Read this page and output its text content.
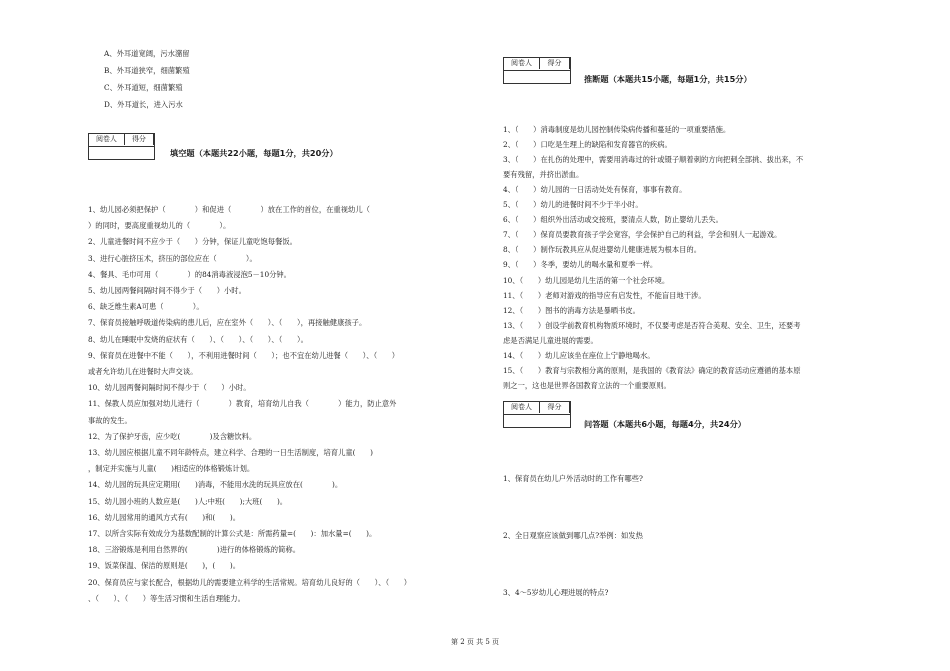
A、外耳道宽阔，污水潴留
B、外耳道狭窄，细菌繁殖
C、外耳道短，细菌繁殖
D、外耳道长，进入污水
阅卷人	得分
填空题（本题共22小题，每题1分，共20分）
1、幼儿园必须把保护（　　　　）和促进（　　　　）放在工作的首位，在重视幼儿（
）的同时，要高度重视幼儿的（　　　　）。
2、儿童进餐时间不应少于（　　）分钟，保证儿童吃饱每餐饭。
3、进行心脏挤压术，挤压的部位应在（　　　　）。
4、餐具、毛巾可用（　　　　）的84消毒液浸泡5－10分钟。
5、幼儿园两餐间隔时间不得少于（　　）小时。
6、缺乏维生素A可患（　　　　）。
7、保育员接触呼吸道传染病的患儿后，应在室外（　　）、（　　），再接触健康孩子。
8、幼儿在睡眠中发烧的症状有（　　）、（　　）、（　　）、（　　）。
9、保育员在进餐中不能（　　），不利用进餐时间（　　）；也不宜在幼儿进餐（　　）、（　　）
或者允许幼儿在进餐时大声交谈。
10、幼儿园两餐间隔时间不得少于（　　）小时。
11、保教人员应加强对幼儿进行（　　　　）教育，培育幼儿自我（　　　　）能力，防止意外
事故的发生。
12、为了保护牙齿，应少吃(　　　　)及含糖饮料。
13、幼儿园应根据儿童不同年龄特点，建立科学、合理的一日生活制度，培育儿童(　　)
，制定并实施与儿童(　　)相适应的体格锻炼计划。
14、幼儿园的玩具应定期用(　　)消毒，不能用水洗的玩具应放在(　　　　)。
15、幼儿园小班的人数应是(　　)人;中班(　　);大班(　　)。
16、幼儿园常用的通风方式有(　　)和(　　)。
17、以所含实际有效成分为基数配制的计算公式是：所需药量=(　　)：加水量=(　　)。
18、三浴锻炼是利用自然界的(　　　　)进行的体格锻炼的简称。
19、饭菜保温、保洁的原则是(　　)，(　　)。
20、保育员应与家长配合，根据幼儿的需要建立科学的生活常规。培育幼儿良好的（　　）、（　　）
、（　　）、（　　）等生活习惯和生活自理能力。
阅卷人	得分
推断题（本题共15小题，每题1分，共15分）
1、（　　）消毒制度是幼儿园控制传染病传播和蔓延的一项重要措施。
2、（　　）口吃是生理上的缺陷和发育器官的疾病。
3、（　　）在扎伤的处理中，需要用消毒过的针或镊子顺着刺的方向把刺全部挑、拔出来，不
要有残留，并挤出淤血。
4、（　　）幼儿园的一日活动处处有保育，事事有教育。
5、（　　）幼儿的进餐时间不少于半小时。
6、（　　）组织外出活动或交接班，要清点人数，防止婴幼儿丢失。
7、（　　）保育员要教育孩子学会宽容，学会保护自己的利益，学会和别人一起游戏。
8、（　　）制作玩教具应从促进婴幼儿健康进展为根本目的。
9、（　　）冬季，要幼儿的喝水量和夏季一样。
10、（　　）幼儿园是幼儿生活的第一个社会环境。
11、（　　）老师对游戏的指导应有启发性，不能盲目地干涉。
12、（　　）图书的消毒方法是暴晒书皮。
13、（　　）创设学前教育机构物质环境时，不仅要考虑是否符合美观、安全、卫生，还要考
虑是否满足儿童进展的需要。
14、（　　）幼儿应该坐在座位上宁静地喝水。
15、（　　）教育与宗教相分离的原则，是我国的《教育法》确定的教育活动应遵循的基本原
则之一，这也是世界各国教育立法的一个重要原则。
阅卷人	得分
问答题（本题共6小题，每题4分，共24分）
1、保育员在幼儿户外活动时的工作有哪些?
2、全日观察应该做到哪几点?举例：如发热
3、4～5岁幼儿心理进展的特点?
第 2 页 共 5 页
